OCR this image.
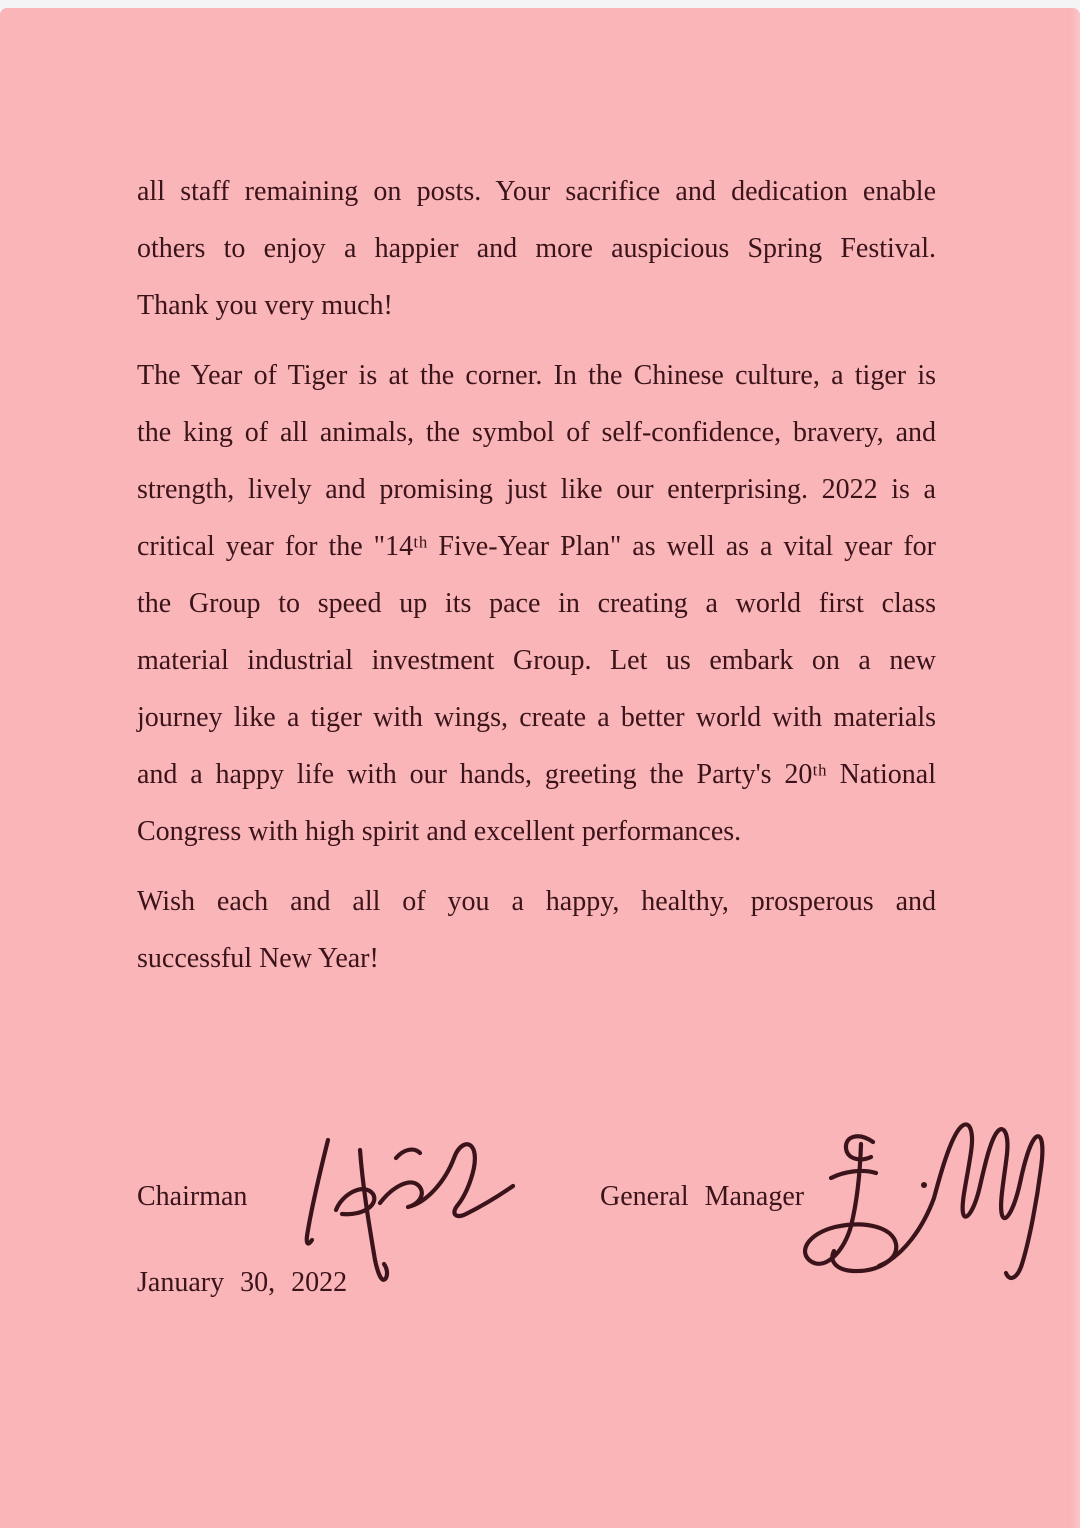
all staff remaining on posts. Your sacrifice and dedication enable
others to enjoy a happier and more auspicious Spring Festival.
Thank you very much!
The Year of Tiger is at the corner. In the Chinese culture, a tiger is
the king of all animals, the symbol of self-confidence, bravery, and
strength, lively and promising just like our enterprising. 2022 is a
critical year for the "14ᵗʰ Five-Year Plan" as well as a vital year for
the Group to speed up its pace in creating a world first class
material industrial investment Group. Let us embark on a new
journey like a tiger with wings, create a better world with materials
and a happy life with our hands, greeting the Party's 20ᵗʰ National
Congress with high spirit and excellent performances.
Wish each and all of you a happy, healthy, prosperous and
successful New Year!
Chairman	General Manager
January 30, 2022
